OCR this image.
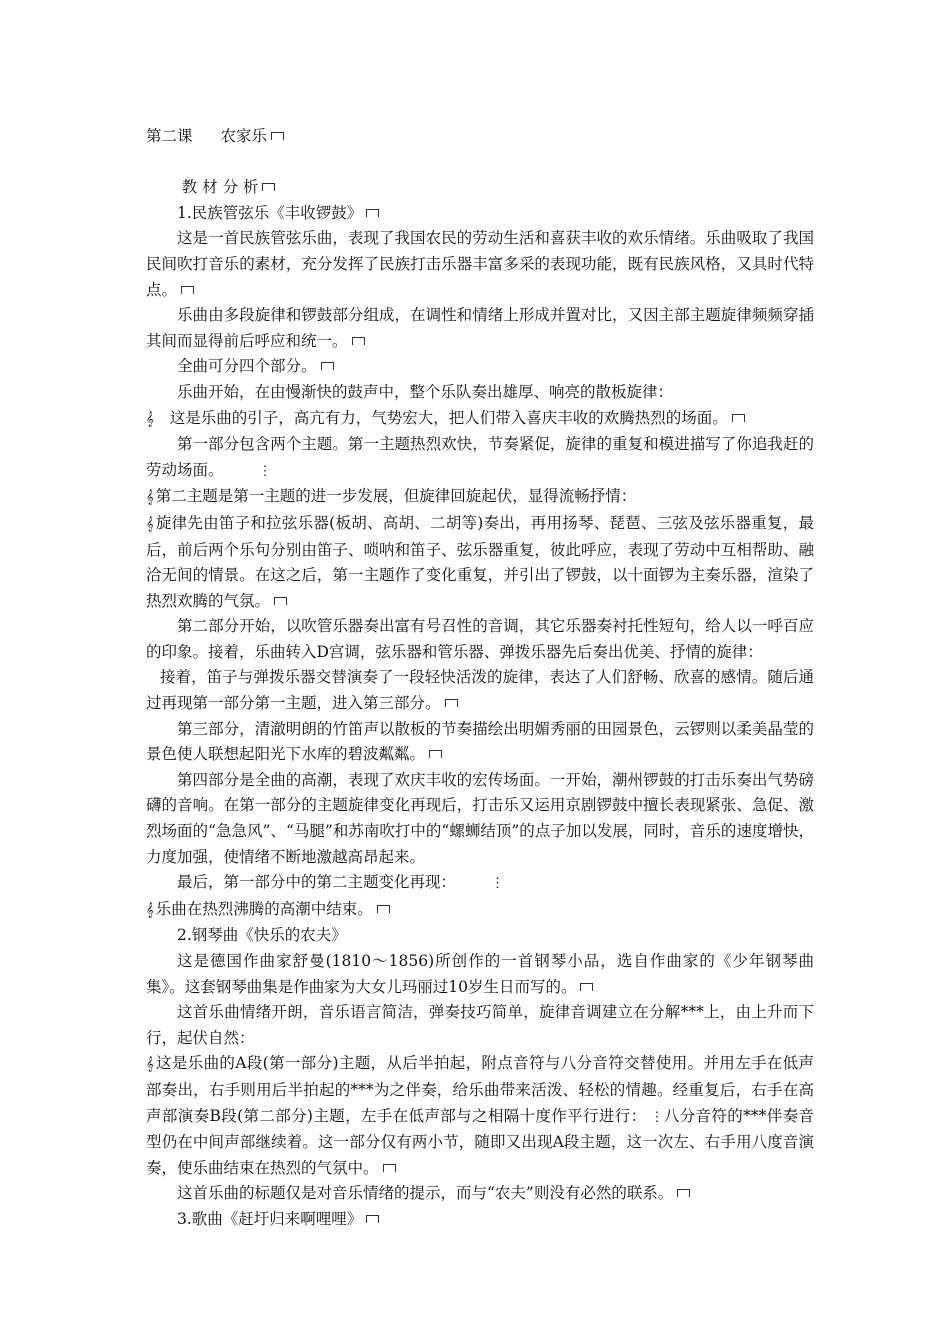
第二课 农家乐

教 材 分 析

1.民族管弦乐《丰收锣鼓》

这是一首民族管弦乐曲，表现了我国农民的劳动生活和喜获丰收的欢乐情绪。乐曲吸取了我国民间吹打音乐的素材，充分发挥了民族打击乐器丰富多采的表现功能，既有民族风格，又具时代特点。

乐曲由多段旋律和锣鼓部分组成，在调性和情绪上形成并置对比，又因主部主题旋律频频穿插其间而显得前后呼应和统一。

全曲可分四个部分。

乐曲开始，在由慢渐快的鼓声中，整个乐队奏出雄厚、响亮的散板旋律：

𝄞 这是乐曲的引子，高亢有力，气势宏大，把人们带入喜庆丰收的欢腾热烈的场面。

第一部分包含两个主题。第一主题热烈欢快，节奏紧促，旋律的重复和模进描写了你追我赶的劳动场面。	⋮

𝄞 第二主题是第一主题的进一步发展，但旋律回旋起伏，显得流畅抒情：

𝄞 旋律先由笛子和拉弦乐器(板胡、高胡、二胡等)奏出，再用扬琴、琵琶、三弦及弦乐器重复，最后，前后两个乐句分别由笛子、唢呐和笛子、弦乐器重复，彼此呼应，表现了劳动中互相帮助、融洽无间的情景。在这之后，第一主题作了变化重复，并引出了锣鼓，以十面锣为主奏乐器，渲染了热烈欢腾的气氛。

第二部分开始，以吹管乐器奏出富有号召性的音调，其它乐器奏衬托性短句，给人以一呼百应的印象。接着，乐曲转入D宫调，弦乐器和管乐器、弹拨乐器先后奏出优美、抒情的旋律：

接着，笛子与弹拨乐器交替演奏了一段轻快活泼的旋律，表达了人们舒畅、欣喜的感情。随后通过再现第一部分第一主题，进入第三部分。

第三部分，清澈明朗的竹笛声以散板的节奏描绘出明媚秀丽的田园景色，云锣则以柔美晶莹的景色使人联想起阳光下水库的碧波粼粼。

第四部分是全曲的高潮，表现了欢庆丰收的宏传场面。一开始，潮州锣鼓的打击乐奏出气势磅礴的音响。在第一部分的主题旋律变化再现后，打击乐又运用京剧锣鼓中擅长表现紧张、急促、激烈场面的“急急风”、“马腿”和苏南吹打中的“螺蛳结顶”的点子加以发展，同时，音乐的速度增快，力度加强，使情绪不断地激越高昂起来。

最后，第一部分中的第二主题变化再现：	⋮

𝄞 乐曲在热烈沸腾的高潮中结束。

2.钢琴曲《快乐的农夫》

这是德国作曲家舒曼(1810～1856)所创作的一首钢琴小品，选自作曲家的《少年钢琴曲集》。这套钢琴曲集是作曲家为大女儿玛丽过10岁生日而写的。

这首乐曲情绪开朗，音乐语言简洁，弹奏技巧简单，旋律音调建立在分解***上，由上升而下行，起伏自然：

𝄞 这是乐曲的A段(第一部分)主题，从后半拍起，附点音符与八分音符交替使用。并用左手在低声部奏出，右手则用后半拍起的***为之伴奏，给乐曲带来活泼、轻松的情趣。经重复后，右手在高声部演奏B段(第二部分)主题，左手在低声部与之相隔十度作平行进行： ⋮八分音符的***伴奏音型仍在中间声部继续着。这一部分仅有两小节，随即又出现A段主题，这一次左、右手用八度音演奏，使乐曲结束在热烈的气氛中。

这首乐曲的标题仅是对音乐情绪的提示，而与“农夫”则没有必然的联系。

3.歌曲《赶圩归来啊哩哩》
